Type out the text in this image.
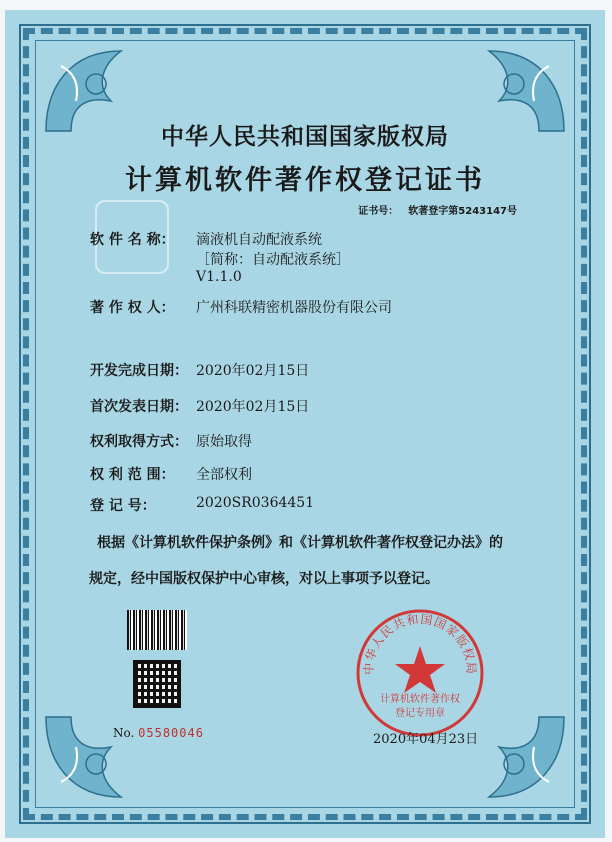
中华人民共和国国家版权局
计算机软件著作权登记证书
证书号： 软著登字第5243147号
软 件 名 称：	滴液机自动配液系统
［简称：自动配液系统］
V1.1.0
著 作 权 人：	广州科联精密机器股份有限公司
开发完成日期： 2020年02月15日
首次发表日期： 2020年02月15日
权利取得方式： 原始取得
权 利 范 围：	全部权利
登 记 号：	2020SR0364451
根据《计算机软件保护条例》和《计算机软件著作权登记办法》的
规定，经中国版权保护中心审核，对以上事项予以登记。
No. 05580046
中华人民共和国国家版权局
计算机软件著作权
登记专用章
2020年04月23日
